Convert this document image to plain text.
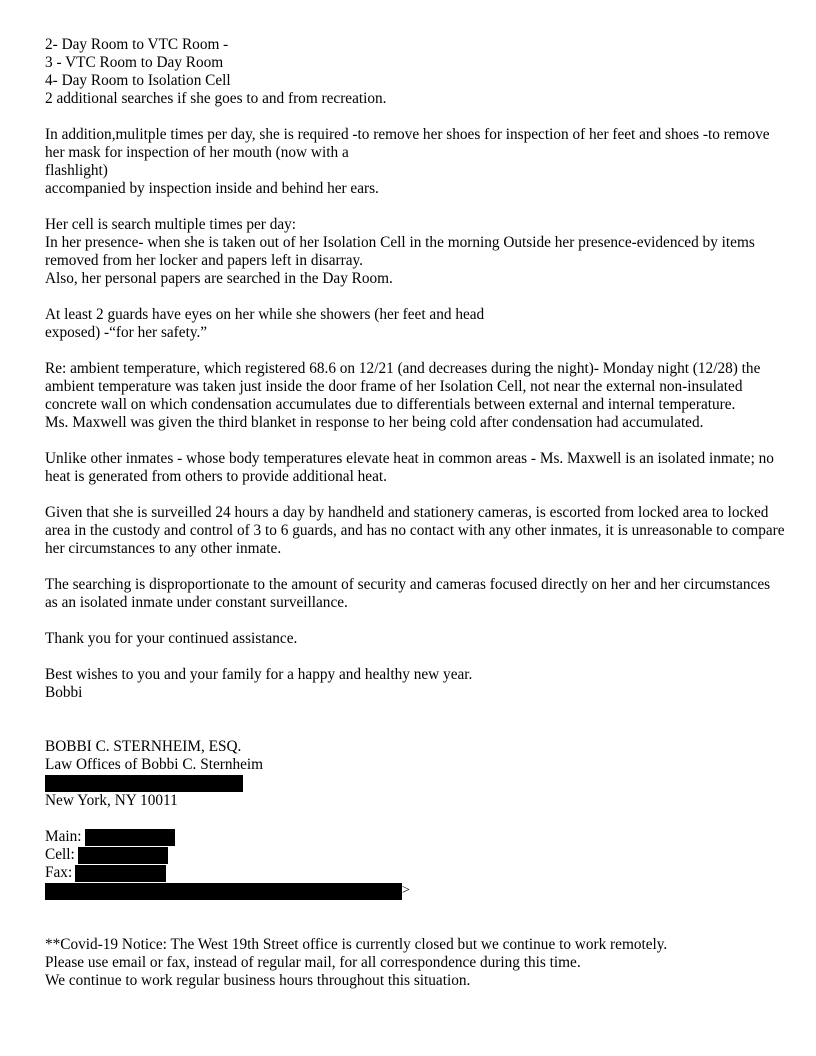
2- Day Room to VTC Room -
3 - VTC Room to Day Room
4- Day Room to Isolation Cell
2 additional searches if she goes to and from recreation.
In addition,mulitple times per day, she is required -to remove her shoes for inspection of her feet and shoes -to remove her mask for inspection of her mouth (now with a
flashlight)
accompanied by inspection inside and behind her ears.
Her cell is search multiple times per day:
In her presence- when she is taken out of her Isolation Cell in the morning Outside her presence-evidenced by items removed from her locker and papers left in disarray.
Also, her personal papers are searched in the Day Room.
At least 2 guards have eyes on her while she showers (her feet and head
exposed) -“for her safety.”
Re: ambient temperature, which registered 68.6 on 12/21 (and decreases during the night)- Monday night (12/28) the ambient temperature was taken just inside the door frame of her Isolation Cell, not near the external non-insulated concrete wall on which condensation accumulates due to differentials between external and internal temperature.
Ms. Maxwell was given the third blanket in response to her being cold after condensation had accumulated.
Unlike other inmates - whose body temperatures elevate heat in common areas - Ms. Maxwell is an isolated inmate; no heat is generated from others to provide additional heat.
Given that she is surveilled 24 hours a day by handheld and stationery cameras, is escorted from locked area to locked area in the custody and control of 3 to 6 guards, and has no contact with any other inmates, it is unreasonable to compare her circumstances to any other inmate.
The searching is disproportionate to the amount of security and cameras focused directly on her and her circumstances as an isolated inmate under constant surveillance.
Thank you for your continued assistance.
Best wishes to you and your family for a happy and healthy new year.
Bobbi
BOBBI C. STERNHEIM, ESQ.
Law Offices of Bobbi C. Sternheim
New York, NY 10011
Main:
Cell:
Fax:
>
**Covid-19 Notice: The West 19th Street office is currently closed but we continue to work remotely.
Please use email or fax, instead of regular mail, for all correspondence during this time.
We continue to work regular business hours throughout this situation.
